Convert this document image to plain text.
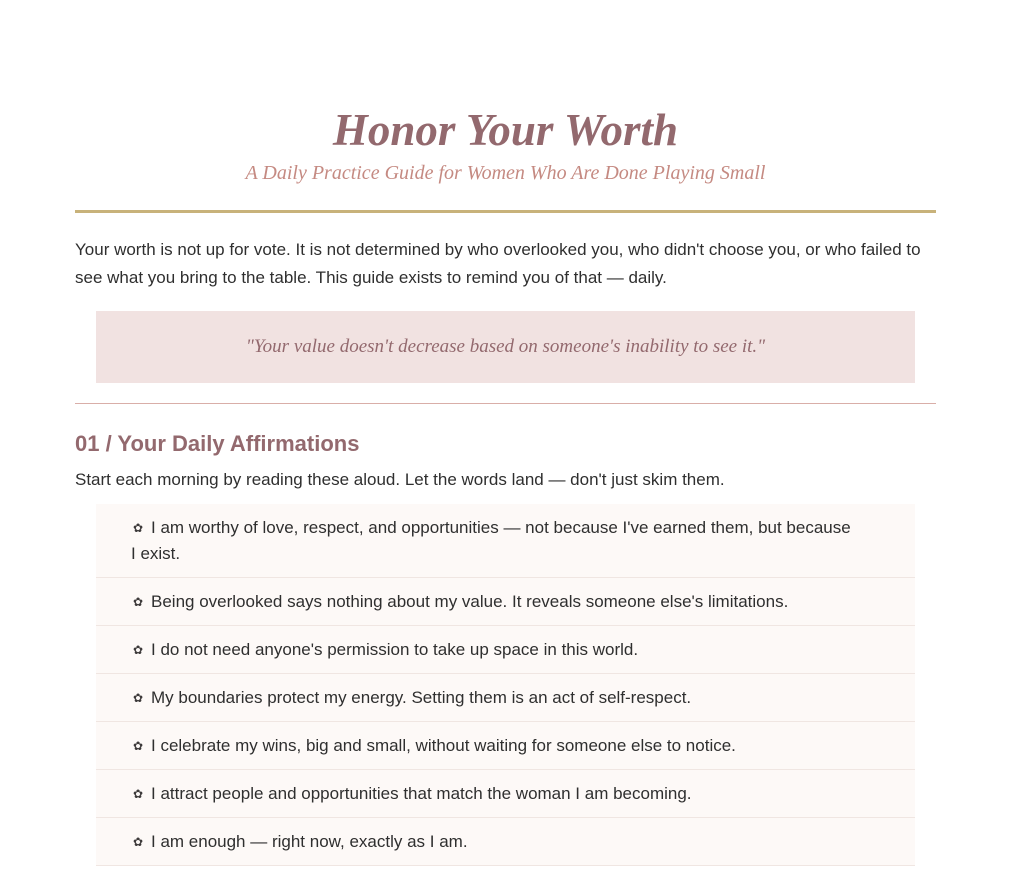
Honor Your Worth
A Daily Practice Guide for Women Who Are Done Playing Small

Your worth is not up for vote. It is not determined by who overlooked you, who didn't choose you, or who failed to see what you bring to the table. This guide exists to remind you of that — daily.

"Your value doesn't decrease based on someone's inability to see it."
01 / Your Daily Affirmations
Start each morning by reading these aloud. Let the words land — don't just skim them.
✿ I am worthy of love, respect, and opportunities — not because I've earned them, but because I exist.
✿ Being overlooked says nothing about my value. It reveals someone else's limitations.
✿ I do not need anyone's permission to take up space in this world.
✿ My boundaries protect my energy. Setting them is an act of self-respect.
✿ I celebrate my wins, big and small, without waiting for someone else to notice.
✿ I attract people and opportunities that match the woman I am becoming.
✿ I am enough — right now, exactly as I am.
